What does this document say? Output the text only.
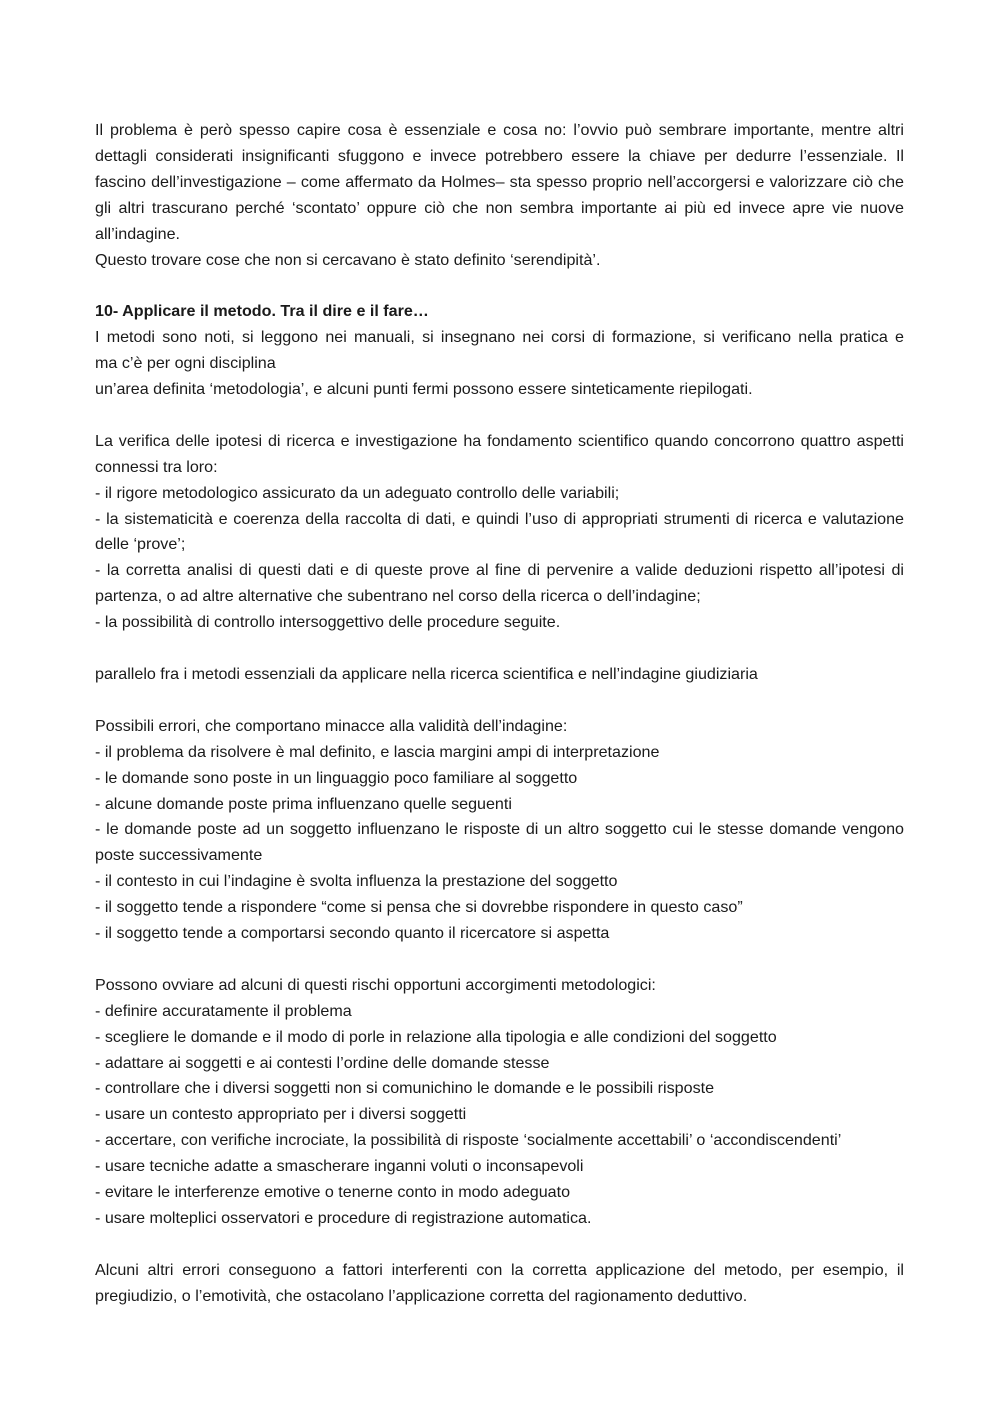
Il problema è però spesso capire cosa è essenziale e cosa no: l’ovvio può sembrare importante, mentre altri dettagli considerati insignificanti sfuggono e invece potrebbero essere la chiave per dedurre l’essenziale. Il fascino dell’investigazione – come affermato da Holmes– sta spesso proprio nell’accorgersi e valorizzare ciò che gli altri trascurano perché ‘scontato’ oppure ciò che non sembra importante ai più ed invece apre vie nuove all’indagine.

Questo trovare cose che non si cercavano è stato definito ‘serendipità’.

10- Applicare il metodo. Tra il dire e il fare…

I metodi sono noti, si leggono nei manuali, si insegnano nei corsi di formazione, si verificano nella pratica e

ma c’è per ogni disciplina

un’area definita ‘metodologia’, e alcuni punti fermi possono essere sinteticamente riepilogati.

La verifica delle ipotesi di ricerca e investigazione ha fondamento scientifico quando concorrono quattro aspetti connessi tra loro:

- il rigore metodologico assicurato da un adeguato controllo delle variabili;

- la sistematicità e coerenza della raccolta di dati, e quindi l’uso di appropriati strumenti di ricerca e valutazione delle ‘prove’;

- la corretta analisi di questi dati e di queste prove al fine di pervenire a valide deduzioni rispetto all’ipotesi di partenza, o ad altre alternative che subentrano nel corso della ricerca o dell’indagine;

- la possibilità di controllo intersoggettivo delle procedure seguite.

parallelo fra i metodi essenziali da applicare nella ricerca scientifica e nell’indagine giudiziaria

Possibili errori, che comportano minacce alla validità dell’indagine:

- il problema da risolvere è mal definito, e lascia margini ampi di interpretazione

- le domande sono poste in un linguaggio poco familiare al soggetto

- alcune domande poste prima influenzano quelle seguenti

- le domande poste ad un soggetto influenzano le risposte di un altro soggetto cui le stesse domande vengono poste successivamente

- il contesto in cui l’indagine è svolta influenza la prestazione del soggetto

- il soggetto tende a rispondere “come si pensa che si dovrebbe rispondere in questo caso”

- il soggetto tende a comportarsi secondo quanto il ricercatore si aspetta

Possono ovviare ad alcuni di questi rischi opportuni accorgimenti metodologici:

- definire accuratamente il problema

- scegliere le domande e il modo di porle in relazione alla tipologia e alle condizioni del soggetto

- adattare ai soggetti e ai contesti l’ordine delle domande stesse

- controllare che i diversi soggetti non si comunichino le domande e le possibili risposte

- usare un contesto appropriato per i diversi soggetti

- accertare, con verifiche incrociate, la possibilità di risposte ‘socialmente accettabili’ o ‘accondiscendenti’

- usare tecniche adatte a smascherare inganni voluti o inconsapevoli

- evitare le interferenze emotive o tenerne conto in modo adeguato

- usare molteplici osservatori e procedure di registrazione automatica.

Alcuni altri errori conseguono a fattori interferenti con la corretta applicazione del metodo, per esempio, il pregiudizio, o l’emotività, che ostacolano l’applicazione corretta del ragionamento deduttivo.
